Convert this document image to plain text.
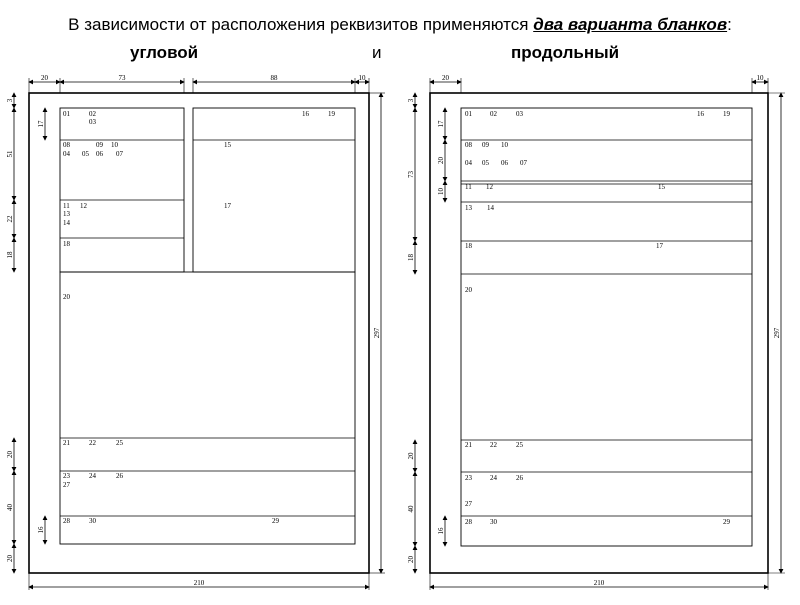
В зависимости от расположения реквизитов применяются два варианта бланков:
угловой	и	продольный
20	73	88	10
3
17
51
22
18
20
40
16
20
297
210
01	02
03
08	09 10
04 05 06 07
11 12
13
14
18
16	19
15
17
20
21	22	25
23	24	26
27
28	30	29
20	10
3
17
73
20
10
18
20
40
16
20
297
210
01	02	03	16	19
08 09 10
04 05 06 07
11 12	15
13 14
18	17
20
21	22	25
23	24	26
27
28	30	29
